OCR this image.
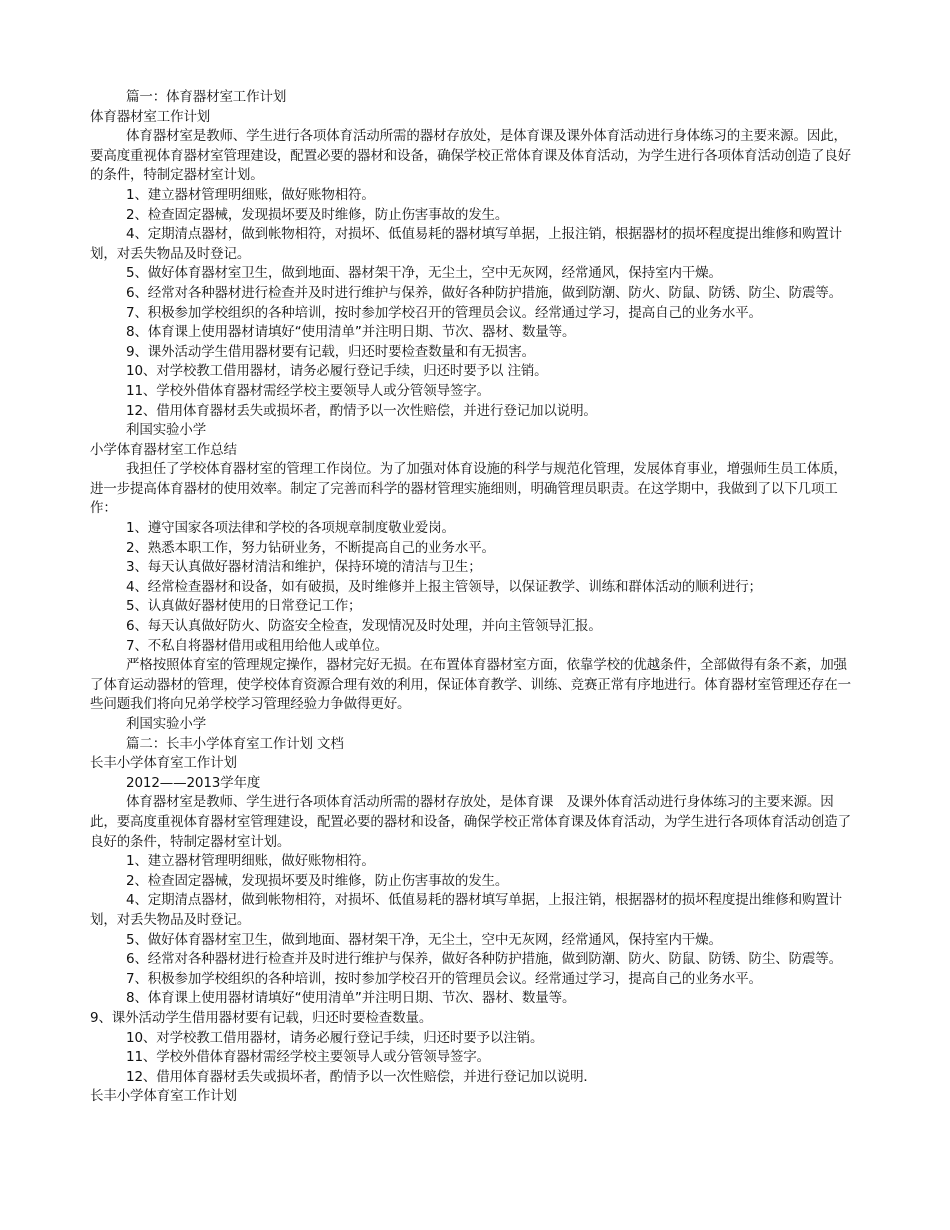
篇一：体育器材室工作计划

体育器材室工作计划

体育器材室是教师、学生进行各项体育活动所需的器材存放处，是体育课及课外体育活动进行身体练习的主要来源。因此，要高度重视体育器材室管理建设，配置必要的器材和设备，确保学校正常体育课及体育活动，为学生进行各项体育活动创造了良好的条件，特制定器材室计划。

1、建立器材管理明细账，做好账物相符。

2、检查固定器械，发现损坏要及时维修，防止伤害事故的发生。

4、定期清点器材，做到帐物相符，对损坏、低值易耗的器材填写单据，上报注销，根据器材的损坏程度提出维修和购置计划，对丢失物品及时登记。

5、做好体育器材室卫生，做到地面、器材架干净，无尘土，空中无灰网，经常通风，保持室内干燥。

6、经常对各种器材进行检查并及时进行维护与保养，做好各种防护措施，做到防潮、防火、防鼠、防锈、防尘、防震等。

7、积极参加学校组织的各种培训，按时参加学校召开的管理员会议。经常通过学习，提高自己的业务水平。

8、体育课上使用器材请填好“使用清单”并注明日期、节次、器材、数量等。

9、课外活动学生借用器材要有记载，归还时要检查数量和有无损害。

10、对学校教工借用器材，请务必履行登记手续，归还时要予以 注销。

11、学校外借体育器材需经学校主要领导人或分管领导签字。

12、借用体育器材丢失或损坏者，酌情予以一次性赔偿，并进行登记加以说明。

利国实验小学

小学体育器材室工作总结

我担任了学校体育器材室的管理工作岗位。为了加强对体育设施的科学与规范化管理，发展体育事业，增强师生员工体质，进一步提高体育器材的使用效率。制定了完善而科学的器材管理实施细则，明确管理员职责。在这学期中，我做到了以下几项工作：

1、遵守国家各项法律和学校的各项规章制度敬业爱岗。

2、熟悉本职工作，努力钻研业务，不断提高自己的业务水平。

3、每天认真做好器材清洁和维护，保持环境的清洁与卫生；

4、经常检查器材和设备，如有破损，及时维修并上报主管领导，以保证教学、训练和群体活动的顺利进行；

5、认真做好器材使用的日常登记工作；

6、每天认真做好防火、防盗安全检查，发现情况及时处理，并向主管领导汇报。

7、不私自将器材借用或租用给他人或单位。

严格按照体育室的管理规定操作，器材完好无损。在布置体育器材室方面，依靠学校的优越条件，全部做得有条不紊，加强了体育运动器材的管理，使学校体育资源合理有效的利用，保证体育教学、训练、竞赛正常有序地进行。体育器材室管理还存在一些问题我们将向兄弟学校学习管理经验力争做得更好。

利国实验小学

篇二：长丰小学体育室工作计划 文档

长丰小学体育室工作计划

2012——2013学年度

体育器材室是教师、学生进行各项体育活动所需的器材存放处，是体育课　及课外体育活动进行身体练习的主要来源。因此，要高度重视体育器材室管理建设，配置必要的器材和设备，确保学校正常体育课及体育活动，为学生进行各项体育活动创造了良好的条件，特制定器材室计划。

1、建立器材管理明细账，做好账物相符。

2、检查固定器械，发现损坏要及时维修，防止伤害事故的发生。

4、定期清点器材，做到帐物相符，对损坏、低值易耗的器材填写单据，上报注销，根据器材的损坏程度提出维修和购置计划，对丢失物品及时登记。

5、做好体育器材室卫生，做到地面、器材架干净，无尘土，空中无灰网，经常通风，保持室内干燥。

6、经常对各种器材进行检查并及时进行维护与保养，做好各种防护措施，做到防潮、防火、防鼠、防锈、防尘、防震等。

7、积极参加学校组织的各种培训，按时参加学校召开的管理员会议。经常通过学习，提高自己的业务水平。

8、体育课上使用器材请填好“使用清单”并注明日期、节次、器材、数量等。

9、课外活动学生借用器材要有记载，归还时要检查数量。

10、对学校教工借用器材，请务必履行登记手续，归还时要予以注销。

11、学校外借体育器材需经学校主要领导人或分管领导签字。

12、借用体育器材丢失或损坏者，酌情予以一次性赔偿，并进行登记加以说明．

长丰小学体育室工作计划
